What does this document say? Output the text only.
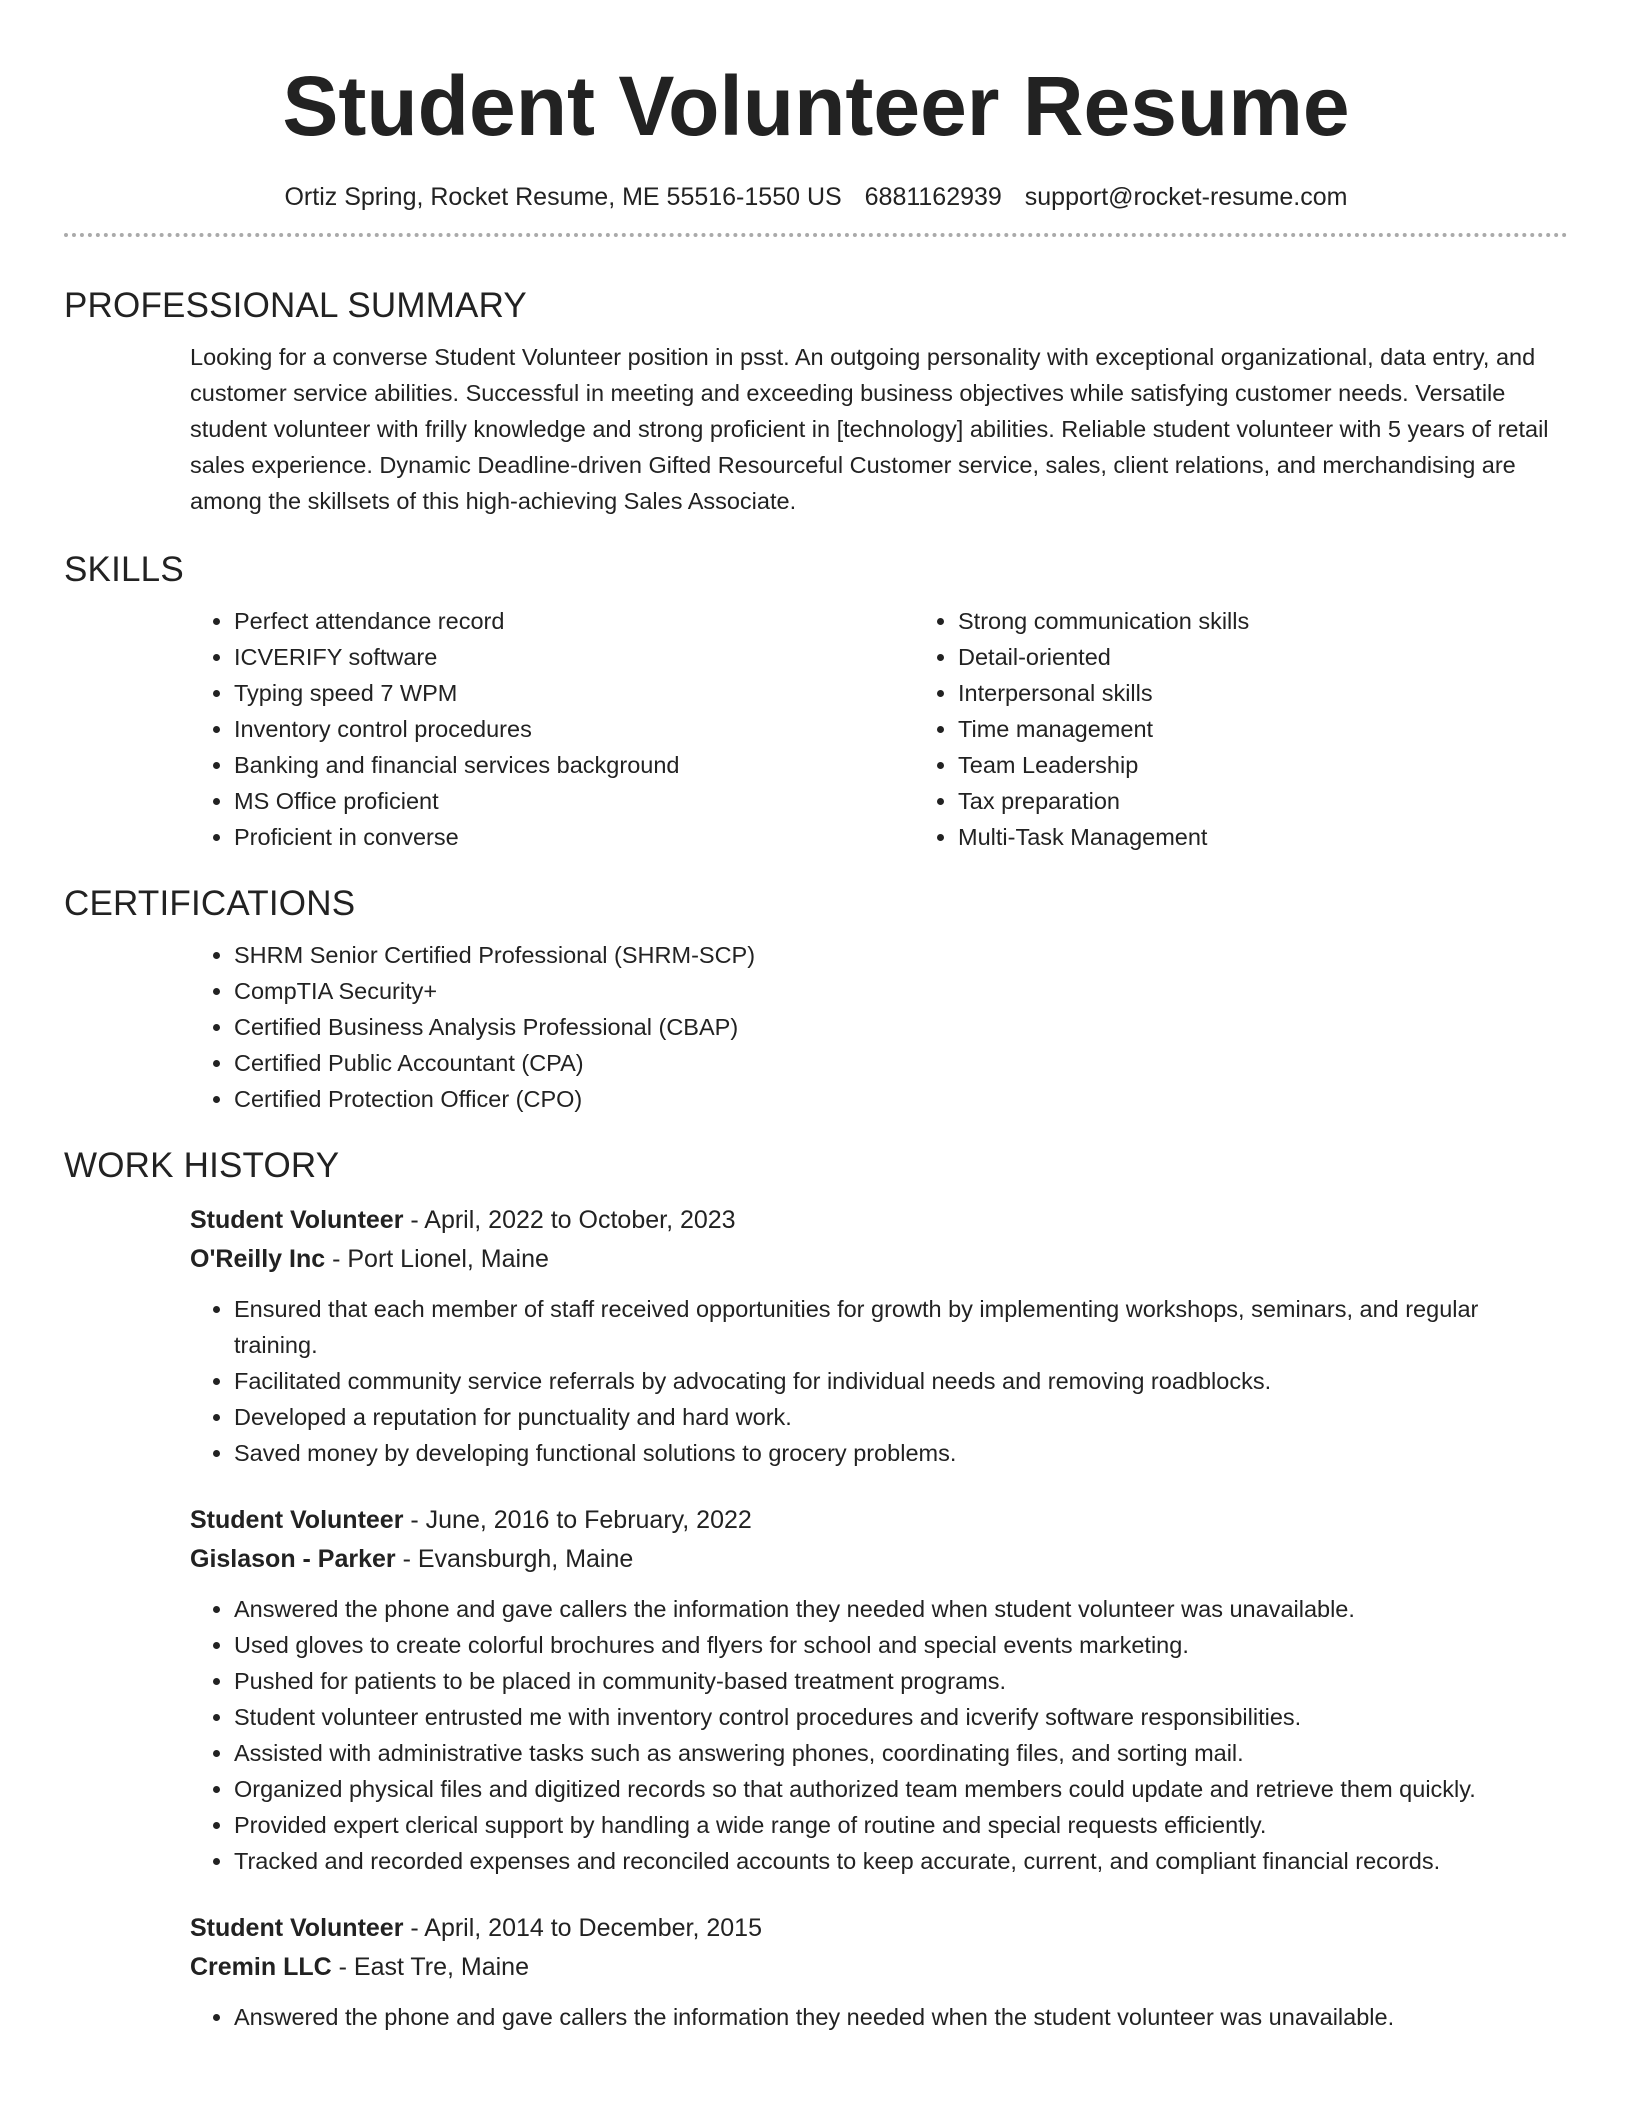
Student Volunteer Resume
Ortiz Spring, Rocket Resume, ME 55516-1550 US 6881162939 support@rocket-resume.com
PROFESSIONAL SUMMARY

Looking for a converse Student Volunteer position in psst. An outgoing personality with exceptional organizational, data entry, and customer service abilities. Successful in meeting and exceeding business objectives while satisfying customer needs. Versatile student volunteer with frilly knowledge and strong proficient in [technology] abilities. Reliable student volunteer with 5 years of retail sales experience. Dynamic Deadline-driven Gifted Resourceful Customer service, sales, client relations, and merchandising are among the skillsets of this high-achieving Sales Associate.

SKILLS
• Perfect attendance record
• ICVERIFY software
• Typing speed 7 WPM
• Inventory control procedures
• Banking and financial services background
• MS Office proficient
• Proficient in converse
• Strong communication skills
• Detail-oriented
• Interpersonal skills
• Time management
• Team Leadership
• Tax preparation
• Multi-Task Management
CERTIFICATIONS
• SHRM Senior Certified Professional (SHRM-SCP)
• CompTIA Security+
• Certified Business Analysis Professional (CBAP)
• Certified Public Accountant (CPA)
• Certified Protection Officer (CPO)
WORK HISTORY
Student Volunteer - April, 2022 to October, 2023
O'Reilly Inc - Port Lionel, Maine
• Ensured that each member of staff received opportunities for growth by implementing workshops, seminars, and regular training.
• Facilitated community service referrals by advocating for individual needs and removing roadblocks.
• Developed a reputation for punctuality and hard work.
• Saved money by developing functional solutions to grocery problems.
Student Volunteer - June, 2016 to February, 2022
Gislason - Parker - Evansburgh, Maine
• Answered the phone and gave callers the information they needed when student volunteer was unavailable.
• Used gloves to create colorful brochures and flyers for school and special events marketing.
• Pushed for patients to be placed in community-based treatment programs.
• Student volunteer entrusted me with inventory control procedures and icverify software responsibilities.
• Assisted with administrative tasks such as answering phones, coordinating files, and sorting mail.
• Organized physical files and digitized records so that authorized team members could update and retrieve them quickly.
• Provided expert clerical support by handling a wide range of routine and special requests efficiently.
• Tracked and recorded expenses and reconciled accounts to keep accurate, current, and compliant financial records.
Student Volunteer - April, 2014 to December, 2015
Cremin LLC - East Tre, Maine
• Answered the phone and gave callers the information they needed when the student volunteer was unavailable.
